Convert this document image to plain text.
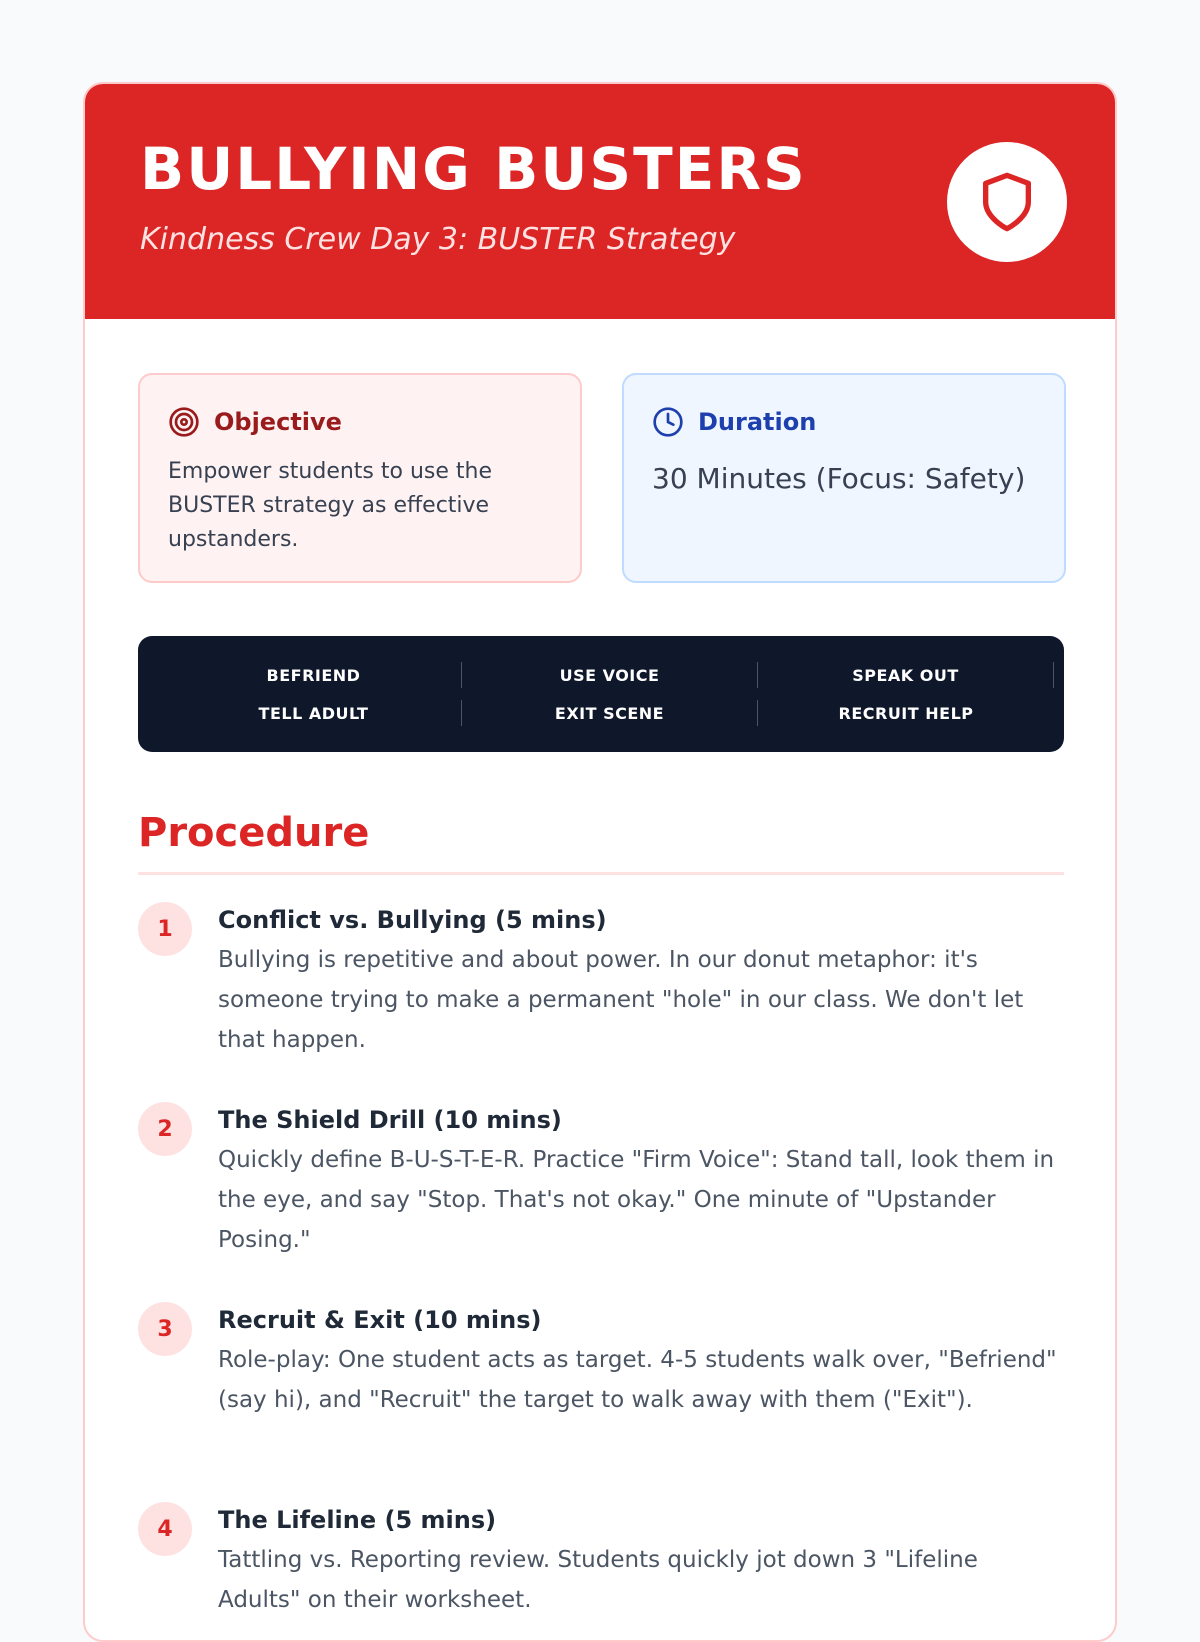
BULLYING BUSTERS
Kindness Crew Day 3: BUSTER Strategy
Objective
Empower students to use the BUSTER strategy as effective upstanders.
Duration
30 Minutes (Focus: Safety)
BEFRIEND	USE VOICE	SPEAK OUT
TELL ADULT	EXIT SCENE	RECRUIT HELP
Procedure
1	Conflict vs. Bullying (5 mins)
Bullying is repetitive and about power. In our donut metaphor: it's someone trying to make a permanent "hole" in our class. We don't let that happen.
2	The Shield Drill (10 mins)
Quickly define B-U-S-T-E-R. Practice "Firm Voice": Stand tall, look them in the eye, and say "Stop. That's not okay." One minute of "Upstander Posing."
3	Recruit & Exit (10 mins)
Role-play: One student acts as target. 4-5 students walk over, "Befriend" (say hi), and "Recruit" the target to walk away with them ("Exit").
4	The Lifeline (5 mins)
Tattling vs. Reporting review. Students quickly jot down 3 "Lifeline Adults" on their worksheet.
